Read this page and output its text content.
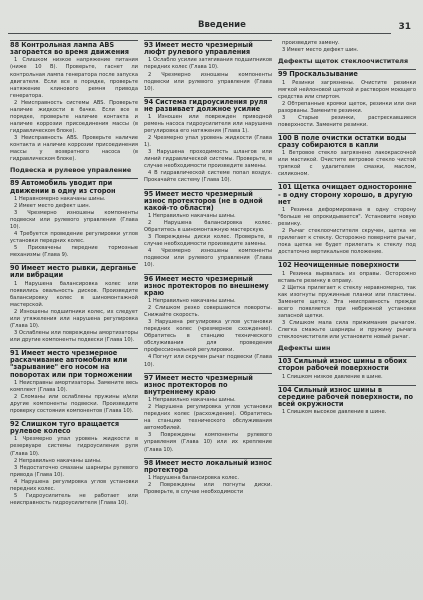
Введение	31
88 Контрольная лампа ABS загорается во время движения

1 Слишком низкое напряжение питания (ниже 10 В). Проверьте, гаснет ли контрольная лампа генератора после запуска двигателя. Если все в порядке, проверьте натяжение клинового ремня привода генератора.

2 Неисправность системы ABS. Проверьте наличие жидкости в бачке. Если все в порядке, проверьте наличие контакта и наличие коррозии присоединения массы (в гидравлическом блоке).

3 Неисправность ABS. Проверьте наличие контакта и наличие коррозии присоединения массы у возвратного насоса (в гидравлическом блоке).

Подвеска и рулевое управление
89 Автомобиль уводит при движении в одну из сторон

1 Неравномерно накачаны шины.

2 Имеет место дефект шин.

3 Чрезмерно изношены компоненты подвески или рулевого управления (Глава 10).

4 Требуется проведение регулировки углов установки передних колес.

5 Прихвачены передние тормозные механизмы (Глава 9).

90 Имеет место рывки, дерганье или вибрации

1 Нарушена балансировка колес или появились овальность дисков. Произведите балансировку колес в шиномонтажной мастерской.

2 Изношены подшипники колес, их следует или утяжеления или нарушена регулировка (Глава 10).

3 Ослаблены или повреждены амортизаторы или другие компоненты подвески (Глава 10).

91 Имеет место чрезмерное раскачивание автомобиля или "зарывание" его носом на поворотах или при торможении

1 Неисправны амортизаторы. Замените весь комплект (Глава 10).

2 Сломаны или ослаблены пружины и/или другие компоненты подвески. Произведите проверку состояния компонентов (Глава 10).

92 Слишком туго вращается рулевое колесо

1 Чрезмерно упал уровень жидкости в резервуаре системы гидроусиления руля (Глава 10).

2 Неправильно накачаны шины.

3 Недостаточно смазаны шарниры рулевого привода (Глава 10).

4 Нарушена регулировка углов установки передних колес.

5 Гидроусилитель не работает или неисправность гидроусилителя (Глава 10).

93 Имеет место чрезмерный люфт рулевого управления

1 Ослабло усилие затягивания подшипников передних колес (Глава 10).

2 Чрезмерно изношены компоненты подвески или рулевого управления (Глава 10).

94 Система гидроусиления руля не развивает должное усилие

1 Изношен или поврежден приводной ремень насоса гидроусилителя или нарушена регулировка его натяжения (Глава 1).

2 Чрезмерно упал уровень жидкости (Глава 1).

3 Нарушена проходимость шлангов или линий гидравлической системы. Проверьте, в случае необходимости произведите замены.

4 В гидравлической системе попал воздух. Прокачайте систему (Глава 10).

95 Имеет место чрезмерный износ протекторов (не в одной какой-то области)

1 Неправильно накачаны шины.

2 Нарушена балансировка колес. Обратитесь в шиномонтажную мастерскую.

3 Повреждены диски колес. Проверьте, в случае необходимости произведите замены.

4 Чрезмерно изношены компоненты подвески или рулевого управления (Глава 10).

96 Имеет место чрезмерный износ протекторов по внешнему краю

1 Неправильно накачаны шины.

2 Слишком резко совершаются повороты. Снижайте скорость.

3 Нарушена регулировка углов установки передних колес (чрезмерное схождение). Обратитесь в станцию технического обслуживания для проведения профессиональной регулировки.

4 Погнут или скручен рычаг подвески (Глава 10).

97 Имеет место чрезмерный износ протекторов по внутреннему краю

1 Неправильно накачаны шины.

2 Нарушена регулировка углов установки передних колес (расхождение). Обратитесь на станцию технического обслуживания автомобилей.

3 Повреждены компоненты рулевого управления (Глава 10) или их крепление (Глава 10).

98 Имеет место локальный износ протектора

1 Нарушена балансировка колес.

2 Повреждены или погнуты диски. Проверьте, в случае необходимости

произведите замену.

3 Имеет место дефект шин.

Дефекты щеток стеклоочистителя
99 Проскальзывание

1 Резинки загрязнены. Очистите резинки мягкой нейлоновой щеткой и раствором моющего средства или спиртом.

2 Обтрепанные кромки щеток, резинки или они разорваны. Замените резинки.

3 Старые резинки, растрескавшиеся поверхности. Замените резинки.

100 В поле очистки остатки воды сразу собираются в капли

1 Ветровое стекло загрязнено лакокрасочной или мастикой. Очистите ветровое стекло чистой тряпкой с удалителем смазки, маслом, силиконом.

101 Щетка очищает односторонне - в одну сторону хорошо, в другую нет

1 Резинка деформирована в одну сторону "больше не опрокидывается". Установите новую резинку.

2 Рычаг стеклоочистителя скручен, щетка не прилегает к стеклу. Осторожно поверните рычаг, пока щетка не будет прилегать к стеклу под достаточно вертикальное положение.

102 Неочищенные поверхности

1 Резинка вырвалась из оправы. Осторожно вставьте резинку в оправу.

2 Щетка прилегает к стеклу неравномерно, так как изогнуты пружинные планки или пластины. Замените щетку. Эта неисправность прежде всего появляется при небрежной установке запасной щетки.

3 Слишком мала сила прижимания рычагом. Слегка смажьте шарниры и пружину рычага стеклоочистителя или установите новый рычаг.

Дефекты шин
103 Сильный износ шины в обоих сторон рабочей поверхности

1 Слишком низкое давление в шине.

104 Сильный износ шины в середине рабочей поверхности, по всей окружности

1 Слишком высокое давление в шине.
